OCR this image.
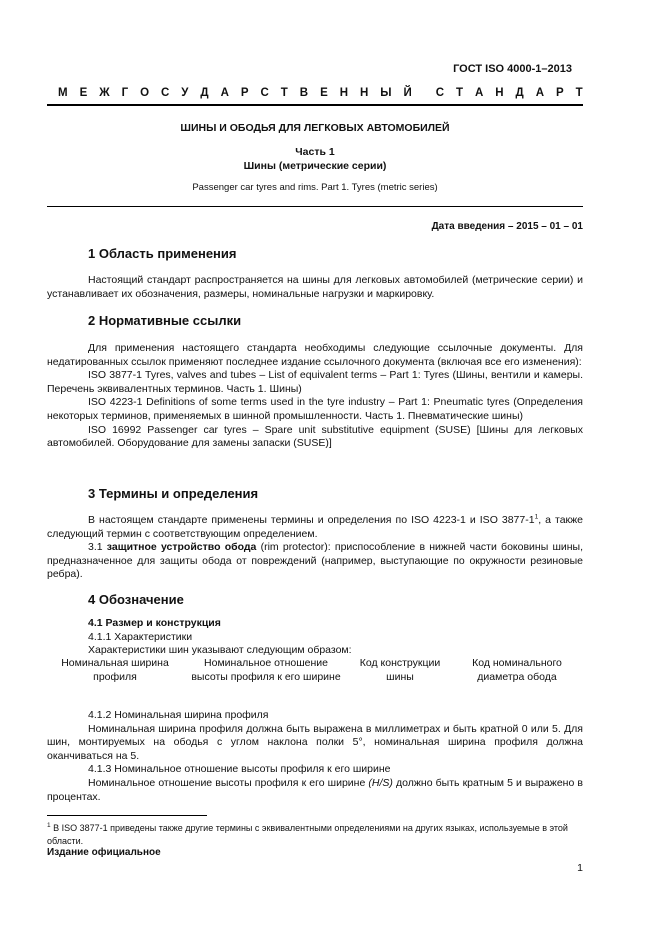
ГОСТ ISO 4000-1–2013
М Е Ж Г О С У Д А Р С Т В Е Н Н Ы Й С Т А Н Д А Р Т
ШИНЫ И ОБОДЬЯ ДЛЯ ЛЕГКОВЫХ АВТОМОБИЛЕЙ
Часть 1
Шины (метрические серии)
Passenger car tyres and rims. Part 1. Tyres (metric series)
Дата введения – 2015 – 01 – 01
1 Область применения

Настоящий стандарт распространяется на шины для легковых автомобилей (метрические серии) и устанавливает их обозначения, размеры, номинальные нагрузки и маркировку.

2 Нормативные ссылки

Для применения настоящего стандарта необходимы следующие ссылочные документы. Для недатированных ссылок применяют последнее издание ссылочного документа (включая все его изменения):

ISO 3877-1 Tyres, valves and tubes – List of equivalent terms – Part 1: Tyres (Шины, вентили и камеры. Перечень эквивалентных терминов. Часть 1. Шины)

ISO 4223-1 Definitions of some terms used in the tyre industry – Part 1: Pneumatic tyres (Определения некоторых терминов, применяемых в шинной промышленности. Часть 1. Пневматические шины)

ISO 16992 Passenger car tyres – Spare unit substitutive equipment (SUSE) [Шины для легковых автомобилей. Оборудование для замены запаски (SUSE)]

3 Термины и определения

В настоящем стандарте применены термины и определения по ISO 4223-1 и ISO $3877-1^1$, а также следующий термин с соответствующим определением.

3.1 защитное устройство обода (rim protector): приспособление в нижней части боковины шины, предназначенное для защиты обода от повреждений (например, выступающие по окружности резиновые ребра).

4 Обозначение

4.1 Размер и конструкция

4.1.1 Характеристики

Характеристики шин указывают следующим образом:

Номинальная ширина профиля
Номинальное отношение высоты профиля к его ширине
Код конструкции шины
Код номинального диаметра обода

4.1.2 Номинальная ширина профиля

Номинальная ширина профиля должна быть выражена в миллиметрах и быть кратной 0 или 5. Для шин, монтируемых на ободья с углом наклона полки 5°, номинальная ширина профиля должна оканчиваться на 5.

4.1.3 Номинальное отношение высоты профиля к его ширине

Номинальное отношение высоты профиля к его ширине (H/S) должно быть кратным 5 и выражено в процентах.

$^1$ В ISO 3877-1 приведены также другие термины с эквивалентными определениями на других языках, используемые в этой области.
Издание официальное
1
